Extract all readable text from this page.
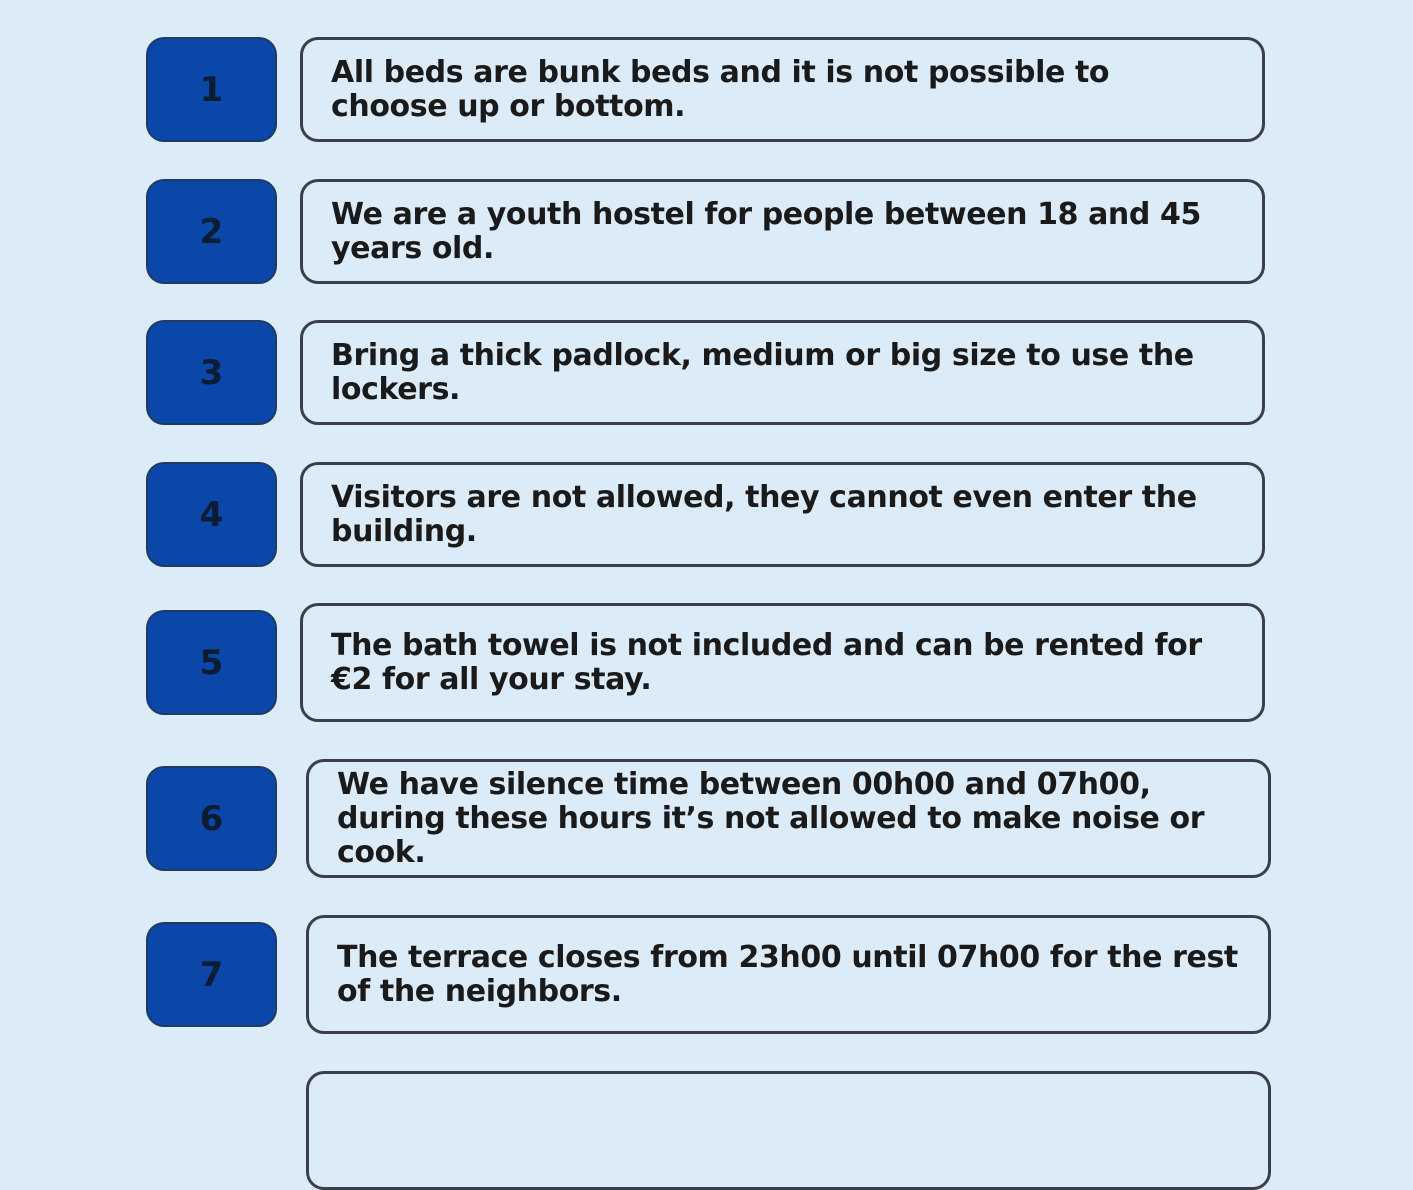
1	All beds are bunk beds and it is not possible to choose up or bottom.
2	We are a youth hostel for people between 18 and 45 years old.
3	Bring a thick padlock, medium or big size to use the lockers.
4	Visitors are not allowed, they cannot even enter the building.
5	The bath towel is not included and can be rented for €2 for all your stay.
6
We have silence time between 00h00 and 07h00, during these hours it’s not allowed to make noise or cook.
7	The terrace closes from 23h00 until 07h00 for the rest of the neighbors.
